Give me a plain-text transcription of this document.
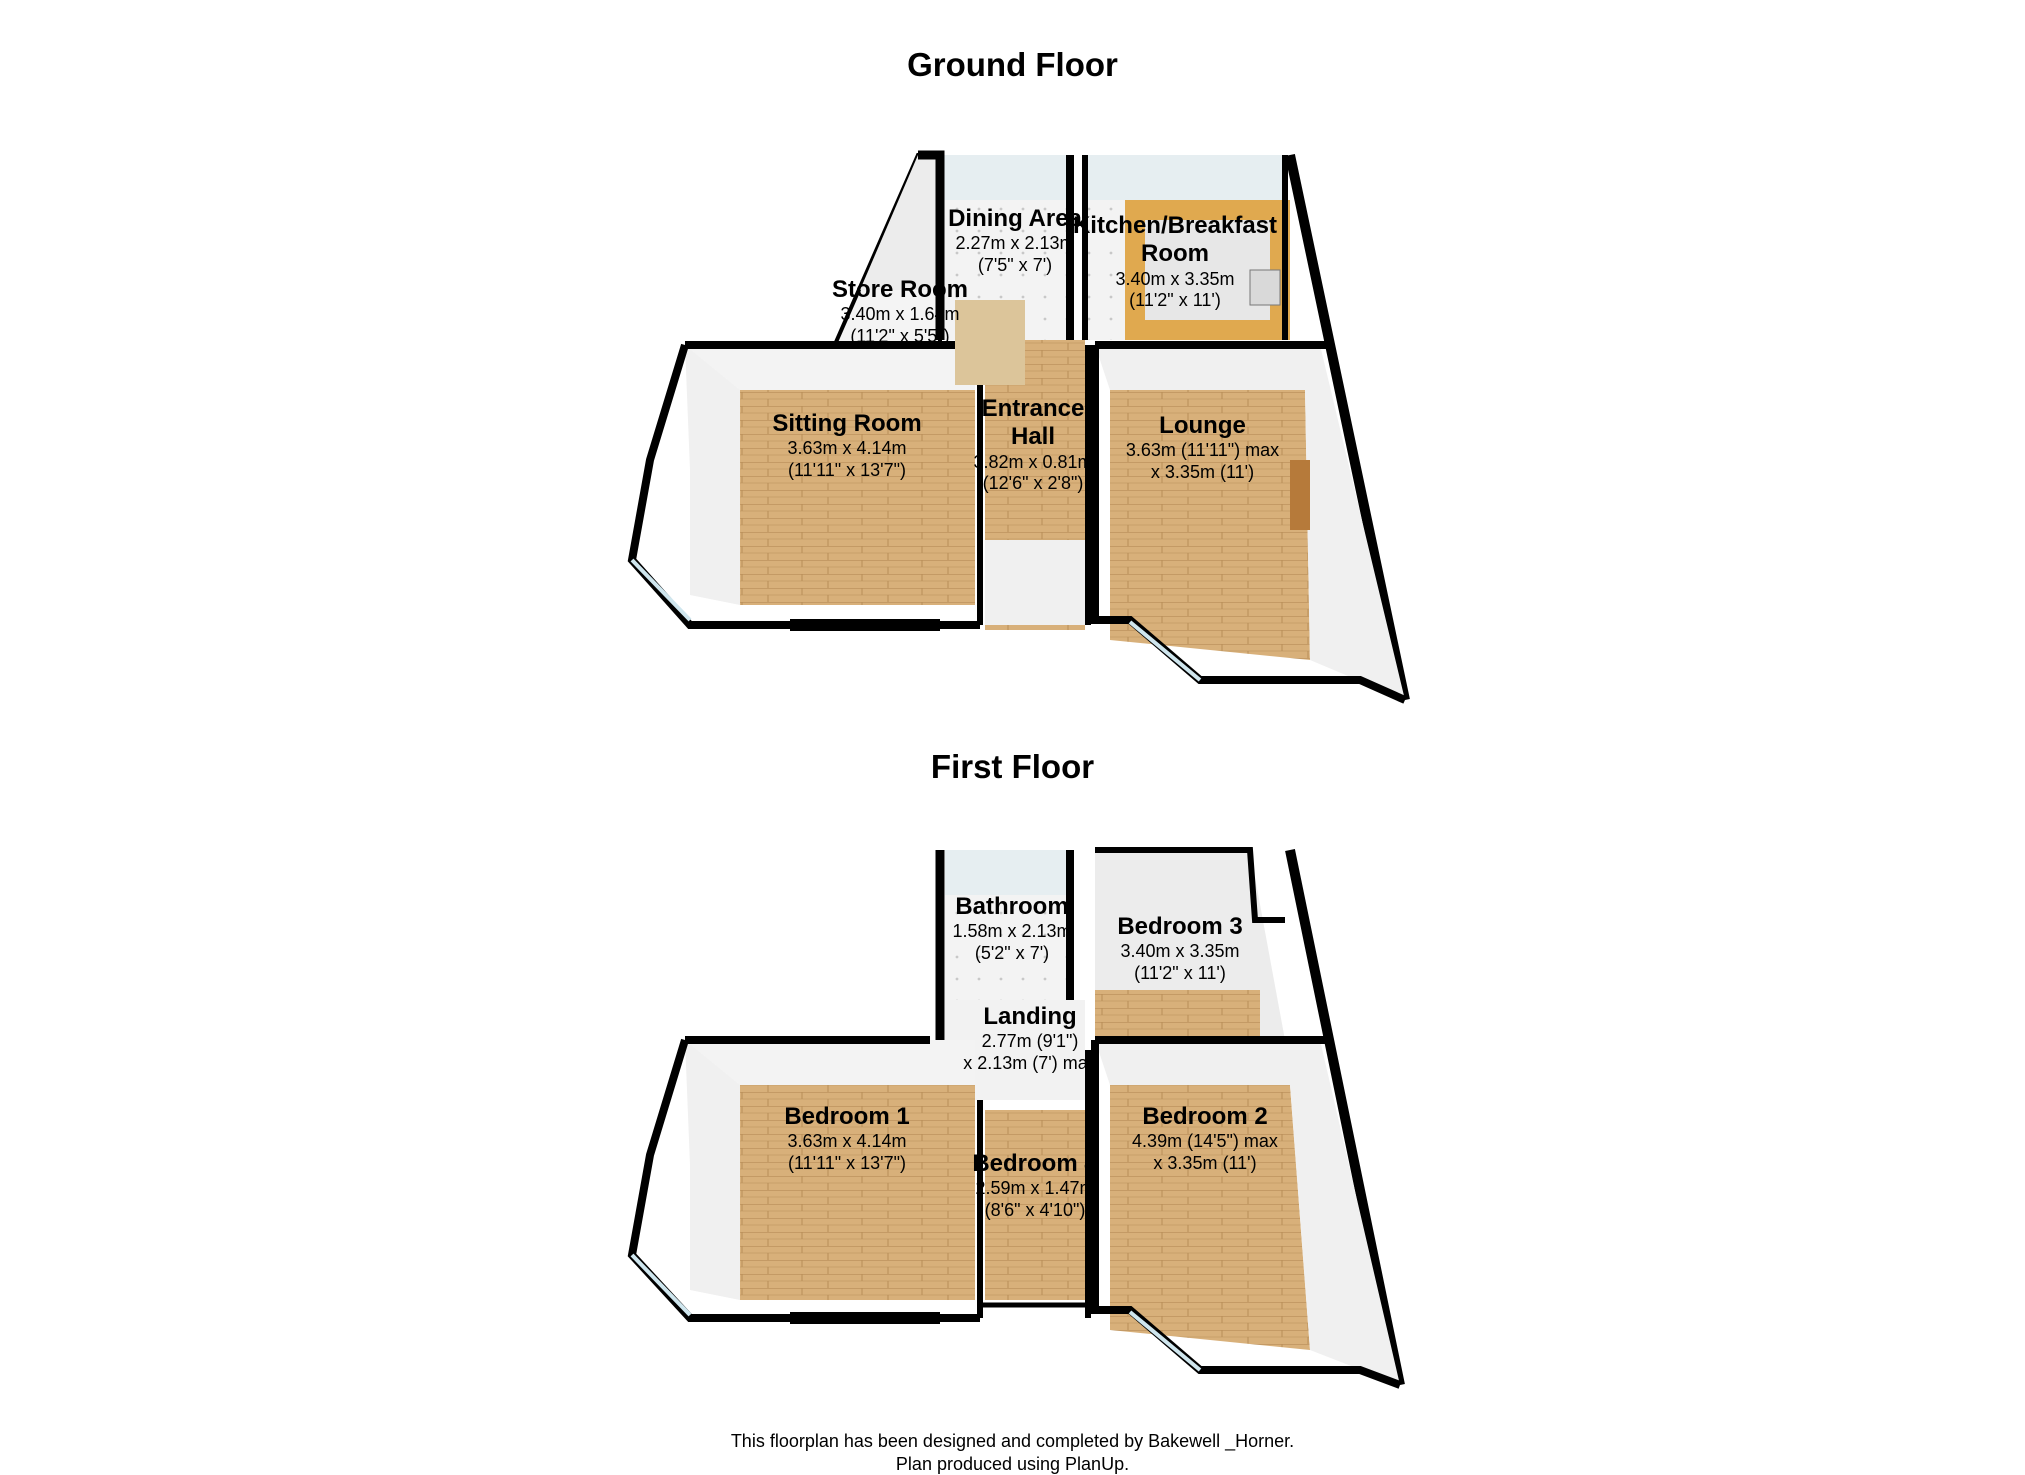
Ground Floor
First Floor
Dining Area
2.27m x 2.13m
(7'5" x 7')
Kitchen/Breakfast Room
3.40m x 3.35m
(11'2" x 11')
Store Room
3.40m x 1.64m
(11'2" x 5'5")
Sitting Room
3.63m x 4.14m
(11'11" x 13'7")
Entrance Hall
3.82m x 0.81m
(12'6" x 2'8")
Lounge
3.63m (11'11") max
x 3.35m (11')
Bathroom
1.58m x 2.13m
(5'2" x 7')
Bedroom 3
3.40m x 3.35m
(11'2" x 11')
Landing
2.77m (9'1")
x 2.13m (7') max
Bedroom 1
3.63m x 4.14m
(11'11" x 13'7")
Bedroom 2
4.39m (14'5") max
x 3.35m (11')
Bedroom 4
2.59m x 1.47m
(8'6" x 4'10")
This floorplan has been designed and completed by Bakewell _Horner.
Plan produced using PlanUp.
